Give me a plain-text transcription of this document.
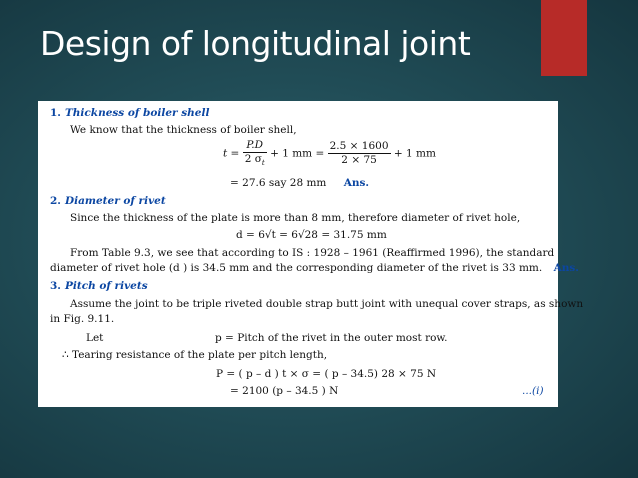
Design of longitudinal joint
1. Thickness of boiler shell
We know that the thickness of boiler shell,
$t = \frac{P.D}{2 \sigma_t} + 1$ mm = $\frac{2.5 \times 1600}{2 \times 75} + 1$ mm
= 27.6 say 28 mm Ans.
2. Diameter of rivet
Since the thickness of the plate is more than 8 mm, therefore diameter of rivet hole,
d = 6√t = 6√28 = 31.75 mm
From Table 9.3, we see that according to IS : 1928 – 1961 (Reaffirmed 1996), the standard
diameter of rivet hole (d ) is 34.5 mm and the corresponding diameter of the rivet is 33 mm. Ans.
3. Pitch of rivets
Assume the joint to be triple riveted double strap butt joint with unequal cover straps, as shown
in Fig. 9.11.
Let	p = Pitch of the rivet in the outer most row.
∴ Tearing resistance of the plate per pitch length,
P = ( p – d ) t × σ = ( p – 34.5) 28 × 75 N
= 2100 (p – 34.5 ) N	...(i)
